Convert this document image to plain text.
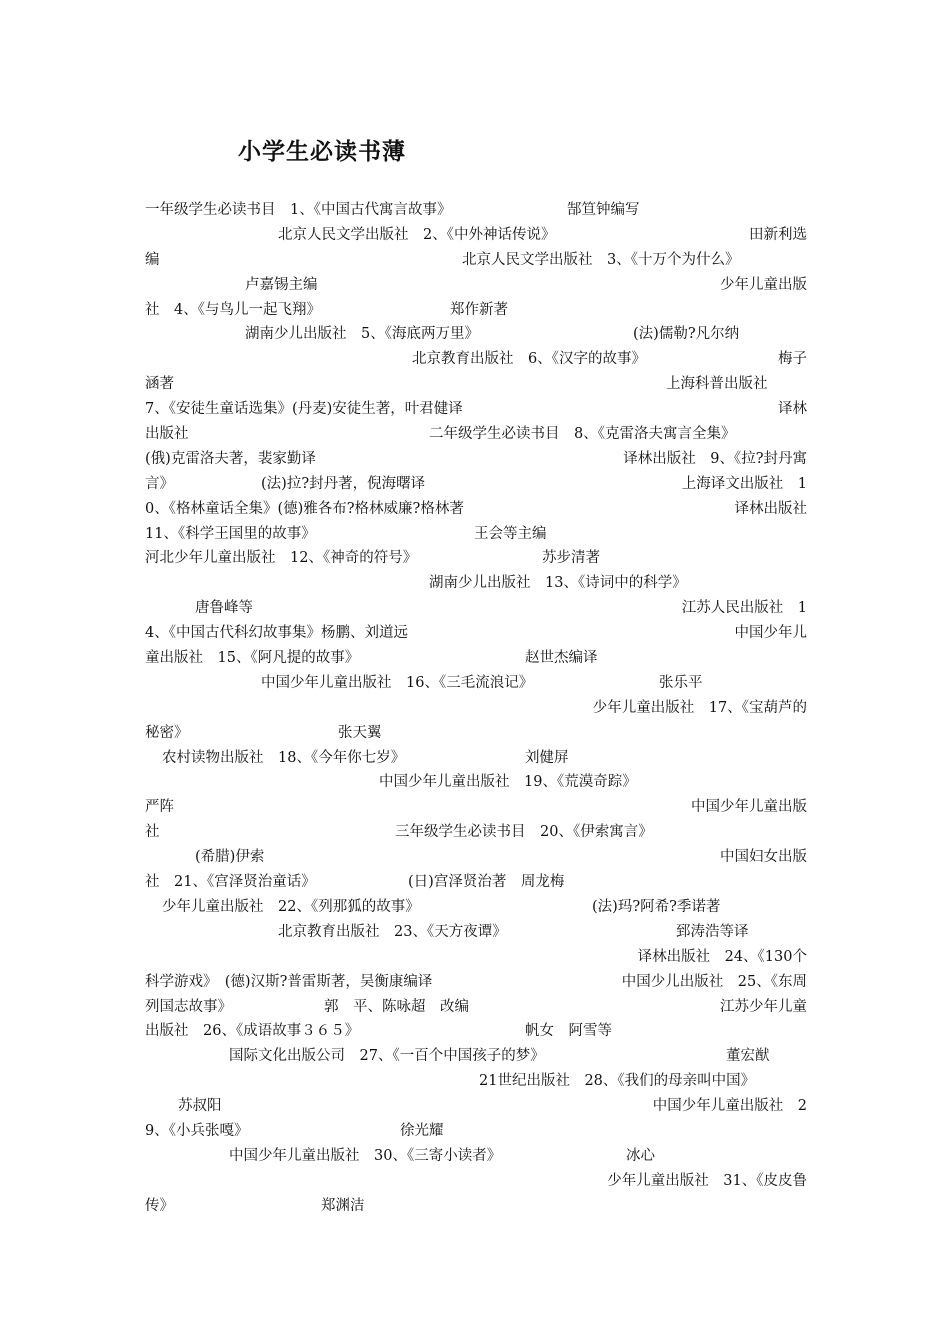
小学生必读书薄
一年级学生必读书目　1、《中国古代寓言故事》	郜笪钟编写
北京人民文学出版社　2、《中外神话传说》	田新利选
编	北京人民文学出版社　3、《十万个为什么》
卢嘉锡主编	少年儿童出版
社　4、《与鸟儿一起飞翔》	郑作新著
湖南少儿出版社　5、《海底两万里》	(法)儒勒?凡尔纳
北京教育出版社　6、《汉字的故事》	梅子
涵著	上海科普出版社
7、《安徒生童话选集》(丹麦)安徒生著，叶君健译	译林
出版社	二年级学生必读书目　8、《克雷洛夫寓言全集》
(俄)克雷洛夫著，裴家勤译	译林出版社　9、《拉?封丹寓
言》	(法)拉?封丹著，倪海曙译	上海译文出版社　1
0、《格林童话全集》(德)雅各布?格林威廉?格林著	译林出版社
11、《科学王国里的故事》	王会等主编
河北少年儿童出版社　12、《神奇的符号》	苏步清著
湖南少儿出版社　13、《诗词中的科学》
唐鲁峰等	江苏人民出版社　1
4、《中国古代科幻故事集》杨鹏、刘道远	中国少年儿
童出版社　15、《阿凡提的故事》	赵世杰编译
中国少年儿童出版社　16、《三毛流浪记》	张乐平
少年儿童出版社　17、《宝葫芦的
秘密》	张天翼
农村读物出版社　18、《今年你七岁》	刘健屏
中国少年儿童出版社　19、《荒漠奇踪》
严阵	中国少年儿童出版
社	三年级学生必读书目　20、《伊索寓言》
(希腊)伊索	中国妇女出版
社　21、《宫泽贤治童话》	(日)宫泽贤治著　周龙梅
少年儿童出版社　22、《列那狐的故事》	(法)玛?阿希?季诺著
北京教育出版社　23、《天方夜谭》	郅涛浩等译
译林出版社　24、《130个
科学游戏》　(德)汉斯?普雷斯著，吴衡康编译	中国少儿出版社　25、《东周
列国志故事》	郭　平、陈咏超　改编	江苏少年儿童
出版社　26、《成语故事３６５》	帆女　阿雪等
国际文化出版公司　27、《一百个中国孩子的梦》	董宏猷
21世纪出版社　28、《我们的母亲叫中国》
苏叔阳	中国少年儿童出版社　2
9、《小兵张嘎》	徐光耀
中国少年儿童出版社　30、《三寄小读者》	冰心
少年儿童出版社　31、《皮皮鲁
传》	郑渊洁
